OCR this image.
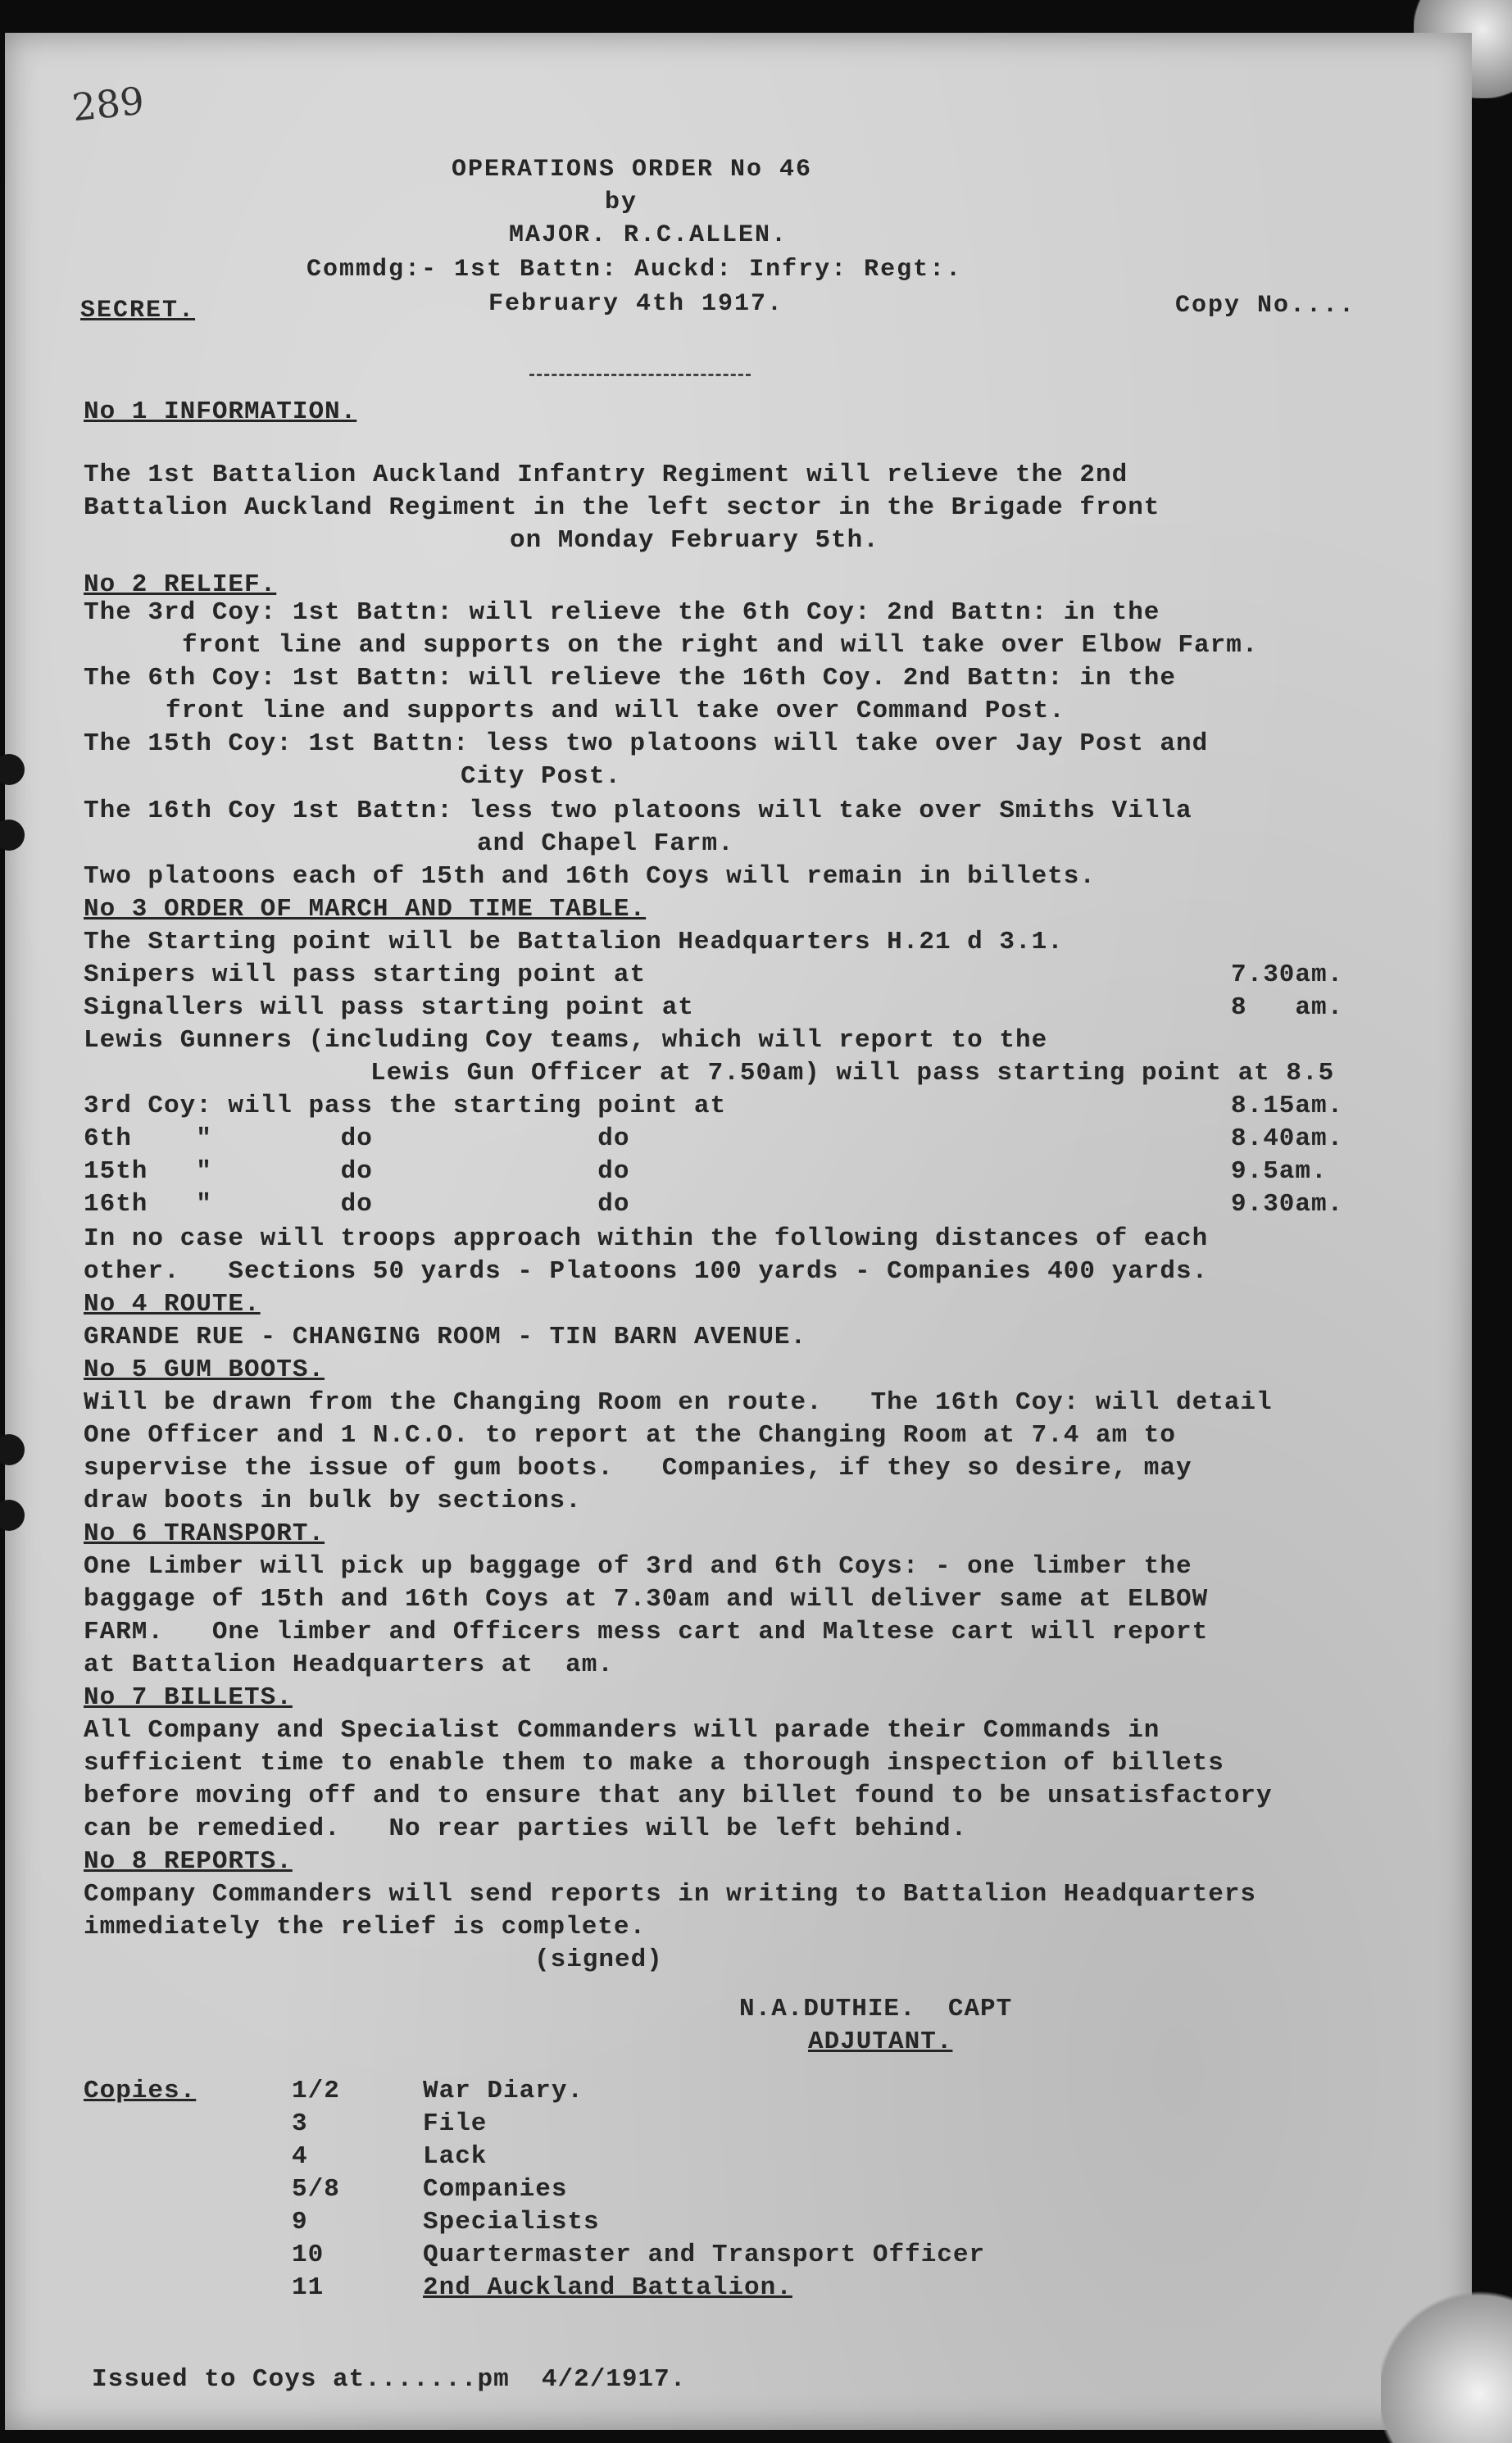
289
OPERATIONS ORDER No 46
by
MAJOR. R.C.ALLEN.
Commdg:- 1st Battn: Auckd: Infry: Regt:.
February 4th 1917.
SECRET.	Copy No....
No 1 INFORMATION.
The 1st Battalion Auckland Infantry Regiment will relieve the 2nd
Battalion Auckland Regiment in the left sector in the Brigade front
on Monday February 5th.
No 2 RELIEF.
The 3rd Coy: 1st Battn: will relieve the 6th Coy: 2nd Battn: in the
front line and supports on the right and will take over Elbow Farm.
The 6th Coy: 1st Battn: will relieve the 16th Coy. 2nd Battn: in the
front line and supports and will take over Command Post.
The 15th Coy: 1st Battn: less two platoons will take over Jay Post and
City Post.
The 16th Coy 1st Battn: less two platoons will take over Smiths Villa
and Chapel Farm.
Two platoons each of 15th and 16th Coys will remain in billets.
No 3 ORDER OF MARCH AND TIME TABLE.
The Starting point will be Battalion Headquarters H.21 d 3.1.
Snipers will pass starting point at	7.30am.
Signallers will pass starting point at	8   am.
Lewis Gunners (including Coy teams, which will report to the
Lewis Gun Officer at 7.50am) will pass starting point at 8.5
3rd Coy: will pass the starting point at	8.15am.
6th    "        do              do	8.40am.
15th   "        do              do	9.5am.
16th   "        do              do	9.30am.
In no case will troops approach within the following distances of each
other.   Sections 50 yards - Platoons 100 yards - Companies 400 yards.
No 4 ROUTE.
GRANDE RUE - CHANGING ROOM - TIN BARN AVENUE.
No 5 GUM BOOTS.
Will be drawn from the Changing Room en route.   The 16th Coy: will detail
One Officer and 1 N.C.O. to report at the Changing Room at 7.4 am to
supervise the issue of gum boots.   Companies, if they so desire, may
draw boots in bulk by sections.
No 6 TRANSPORT.
One Limber will pick up baggage of 3rd and 6th Coys: - one limber the
baggage of 15th and 16th Coys at 7.30am and will deliver same at ELBOW
FARM.   One limber and Officers mess cart and Maltese cart will report
at Battalion Headquarters at  am.
No 7 BILLETS.
All Company and Specialist Commanders will parade their Commands in
sufficient time to enable them to make a thorough inspection of billets
before moving off and to ensure that any billet found to be unsatisfactory
can be remedied.   No rear parties will be left behind.
No 8 REPORTS.
Company Commanders will send reports in writing to Battalion Headquarters
immediately the relief is complete.
(signed)
N.A.DUTHIE.  CAPT
ADJUTANT.
Copies.	1/2	War Diary.
3	File
4	Lack
5/8	Companies
9	Specialists
10	Quartermaster and Transport Officer
11	2nd Auckland Battalion.
Issued to Coys at.......pm  4/2/1917.
